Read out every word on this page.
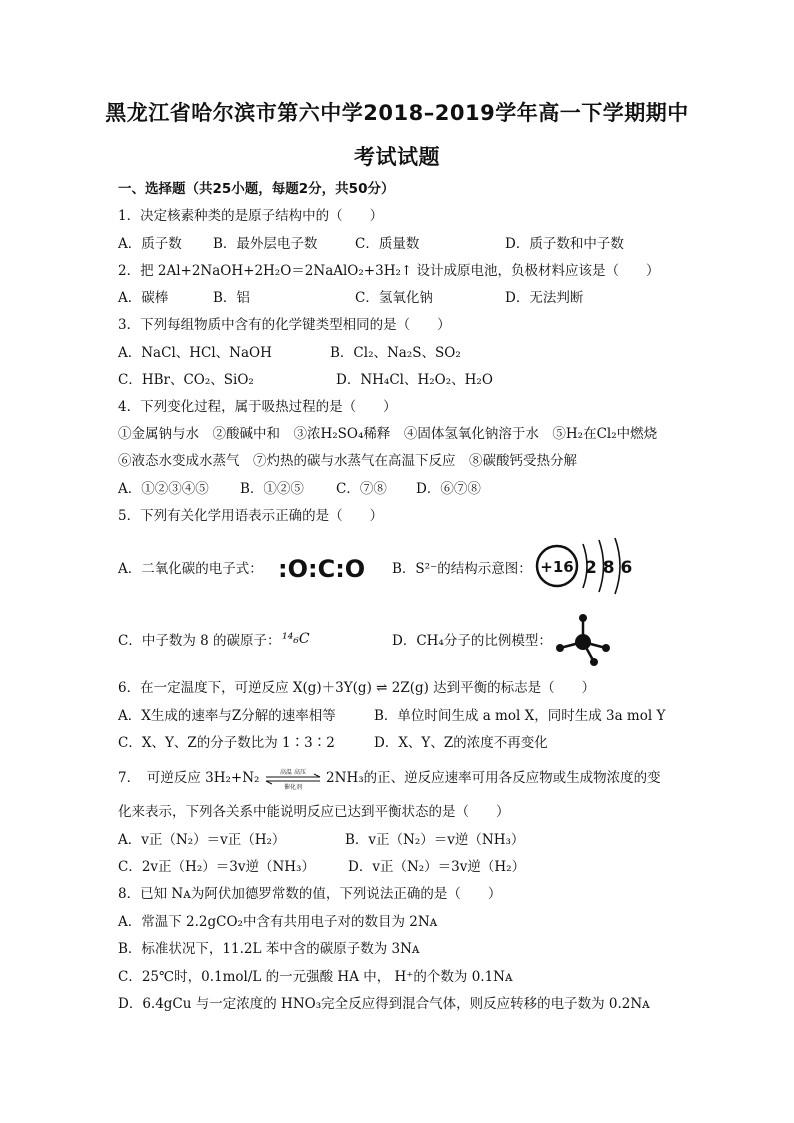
黑龙江省哈尔滨市第六中学2018–2019学年高一下学期期中
考试试题
一、选择题（共25小题，每题2分，共50分）
1．决定核素种类的是原子结构中的（　　）
A．质子数 B．最外层电子数	C．质量数	D．质子数和中子数
2．把 2Al+2NaOH+2H₂O＝2NaAlO₂+3H₂↑ 设计成原电池，负极材料应该是（　　）
A．碳棒	B．铝	C．氢氧化钠	D．无法判断
3．下列每组物质中含有的化学键类型相同的是（　　）
A．NaCl、HCl、NaOH	B．Cl₂、Na₂S、SO₂
C．HBr、CO₂、SiO₂	D．NH₄Cl、H₂O₂、H₂O
4．下列变化过程，属于吸热过程的是（　　）
①金属钠与水　②酸碱中和　③浓H₂SO₄稀释　④固体氢氧化钠溶于水　⑤H₂在Cl₂中燃烧
⑥液态水变成水蒸气　⑦灼热的碳与水蒸气在高温下反应　⑧碳酸钙受热分解
A．①②③④⑤ B．①②⑤ C．⑦⑧ D．⑥⑦⑧
5．下列有关化学用语表示正确的是（　　）
A．二氧化碳的电子式： :O:C:O: B．S²⁻的结构示意图： +16 2 8 6
C．中子数为 8 的碳原子： ¹⁴₆C	D．CH₄分子的比例模型：
6．在一定温度下，可逆反应 X(g)＋3Y(g) ⇌ 2Z(g) 达到平衡的标志是（　　）
A．X生成的速率与Z分解的速率相等	B．单位时间生成 a mol X，同时生成 3a mol Y
C．X、Y、Z的分子数比为 1∶3∶2	D．X、Y、Z的浓度不再变化
7．　可逆反应 3H₂+N₂	高温 高压
催化剂
2NH₃的正、逆反应速率可用各反应物或生成物浓度的变
化来表示，下列各关系中能说明反应已达到平衡状态的是（　　）
A．v正（N₂）＝v正（H₂）	B．v正（N₂）＝v逆（NH₃）
C．2v正（H₂）＝3v逆（NH₃） D．v正（N₂）＝3v逆（H₂）
8．已知 Nᴀ为阿伏加德罗常数的值，下列说法正确的是（　　）
A．常温下 2.2gCO₂中含有共用电子对的数目为 2Nᴀ
B．标准状况下，11.2L 苯中含的碳原子数为 3Nᴀ
C．25℃时，0.1mol/L 的一元强酸 HA 中， H⁺的个数为 0.1Nᴀ
D．6.4gCu 与一定浓度的 HNO₃完全反应得到混合气体，则反应转移的电子数为 0.2Nᴀ
